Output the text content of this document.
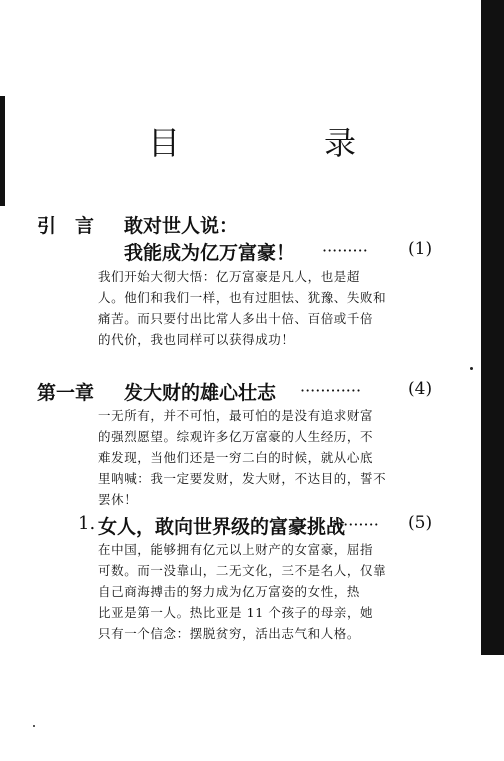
目　录
引　言 敢对世人说：
我能成为亿万富豪！ ········· (1)
我们开始大彻大悟：亿万富豪是凡人，也是超
人。他们和我们一样，也有过胆怯、犹豫、失败和
痛苦。而只要付出比常人多出十倍、百倍或千倍
的代价，我也同样可以获得成功！
第一章 发大财的雄心壮志 ············	(4)
一无所有，并不可怕，最可怕的是没有追求财富
的强烈愿望。综观许多亿万富豪的人生经历，不
难发现，当他们还是一穷二白的时候，就从心底
里呐喊：我一定要发财，发大财，不达目的，誓不
罢休！
1. 女人，敢向世界级的富豪挑战
········· (5)
在中国，能够拥有亿元以上财产的女富豪，屈指
可数。而一没靠山，二无文化，三不是名人，仅靠
自己商海搏击的努力成为亿万富姿的女性，热
比亚是第一人。热比亚是 11 个孩子的母亲，她
只有一个信念：摆脱贫穷，活出志气和人格。
